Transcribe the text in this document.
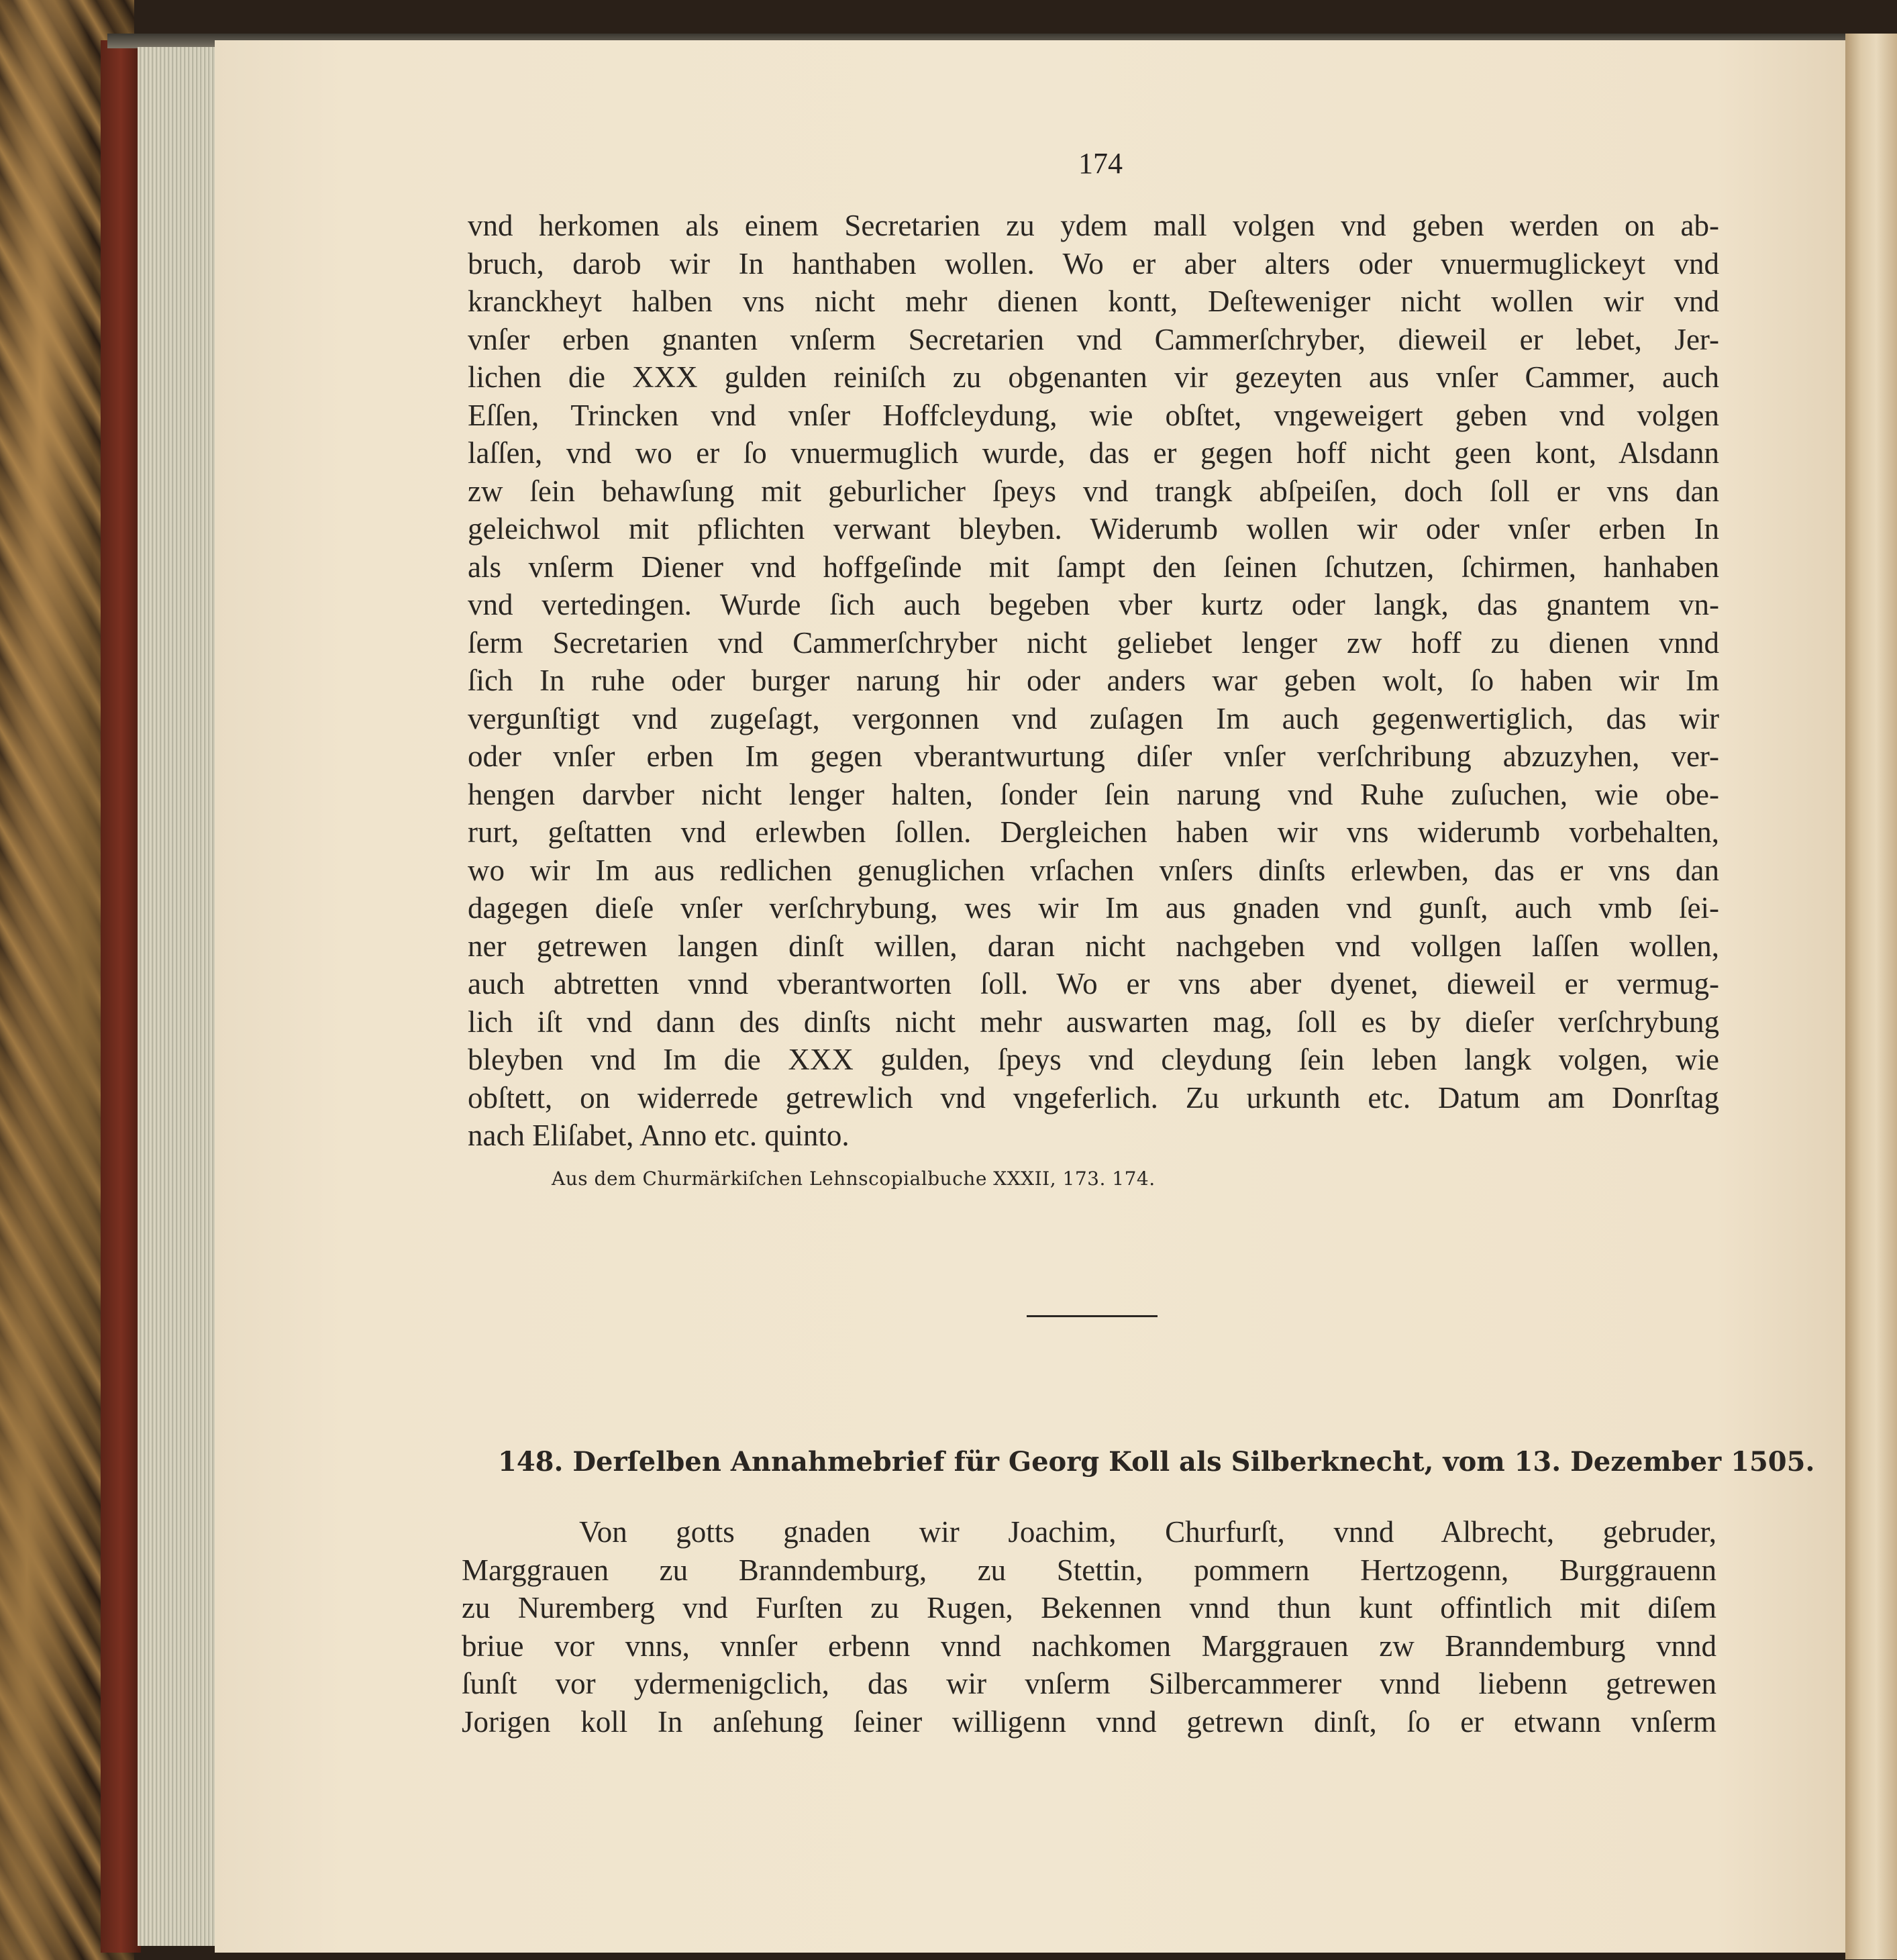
174
vnd herkomen als einem Secretarien zu ydem mall volgen vnd geben werden on ab-
bruch, darob wir In hanthaben wollen. Wo er aber alters oder vnuermuglickeyt vnd
kranckheyt halben vns nicht mehr dienen kontt, Deſteweniger nicht wollen wir vnd
vnſer erben gnanten vnſerm Secretarien vnd Cammerſchryber, dieweil er lebet, Jer-
lichen die XXX gulden reiniſch zu obgenanten vir gezeyten aus vnſer Cammer, auch
Eſſen, Trincken vnd vnſer Hoffcleydung, wie obſtet, vngeweigert geben vnd volgen
laſſen, vnd wo er ſo vnuermuglich wurde, das er gegen hoff nicht geen kont, Alsdann
zw ſein behawſung mit geburlicher ſpeys vnd trangk abſpeiſen, doch ſoll er vns dan
geleichwol mit pflichten verwant bleyben. Widerumb wollen wir oder vnſer erben In
als vnſerm Diener vnd hoffgeſinde mit ſampt den ſeinen ſchutzen, ſchirmen, hanhaben
vnd vertedingen. Wurde ſich auch begeben vber kurtz oder langk, das gnantem vn-
ſerm Secretarien vnd Cammerſchryber nicht geliebet lenger zw hoff zu dienen vnnd
ſich In ruhe oder burger narung hir oder anders war geben wolt, ſo haben wir Im
vergunſtigt vnd zugeſagt, vergonnen vnd zuſagen Im auch gegenwertiglich, das wir
oder vnſer erben Im gegen vberantwurtung diſer vnſer verſchribung abzuzyhen, ver-
hengen darvber nicht lenger halten, ſonder ſein narung vnd Ruhe zuſuchen, wie obe-
rurt, geſtatten vnd erlewben ſollen. Dergleichen haben wir vns widerumb vorbehalten,
wo wir Im aus redlichen genuglichen vrſachen vnſers dinſts erlewben, das er vns dan
dagegen dieſe vnſer verſchrybung, wes wir Im aus gnaden vnd gunſt, auch vmb ſei-
ner getrewen langen dinſt willen, daran nicht nachgeben vnd vollgen laſſen wollen,
auch abtretten vnnd vberantworten ſoll. Wo er vns aber dyenet, dieweil er vermug-
lich iſt vnd dann des dinſts nicht mehr auswarten mag, ſoll es by dieſer verſchrybung
bleyben vnd Im die XXX gulden, ſpeys vnd cleydung ſein leben langk volgen, wie
obſtett, on widerrede getrewlich vnd vngeferlich. Zu urkunth etc. Datum am Donrſtag
nach Eliſabet, Anno etc. quinto.
Aus dem Churmärkiſchen Lehnscopialbuche XXXII, 173. 174.
148. Derſelben Annahmebrief für Georg Koll als Silberknecht, vom 13. Dezember 1505.
Von gotts gnaden wir Joachim, Churfurſt, vnnd Albrecht, gebruder,
Marggrauen zu Branndemburg, zu Stettin, pommern Hertzogenn, Burggrauenn
zu Nuremberg vnd Furſten zu Rugen, Bekennen vnnd thun kunt offintlich mit diſem
briue vor vnns, vnnſer erbenn vnnd nachkomen Marggrauen zw Branndemburg vnnd
ſunſt vor ydermenigclich, das wir vnſerm Silbercammerer vnnd liebenn getrewen
Jorigen koll In anſehung ſeiner willigenn vnnd getrewn dinſt, ſo er etwann vnſerm
